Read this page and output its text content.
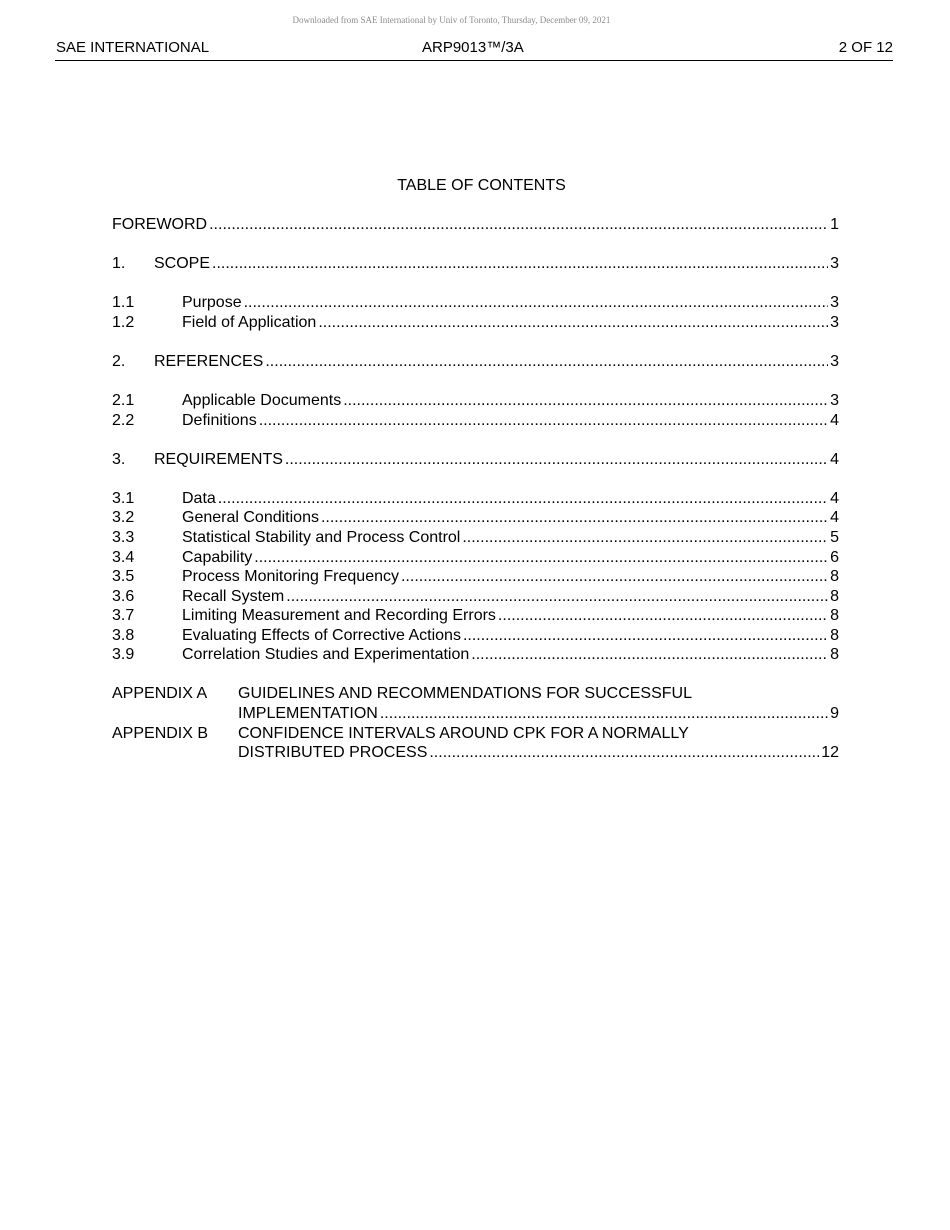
Downloaded from SAE International by Univ of Toronto, Thursday, December 09, 2021
SAE INTERNATIONAL	ARP9013™/3A	2 OF 12
TABLE OF CONTENTS
FOREWORD .....	1
1.	SCOPE .....	3
1.1	Purpose .....	3
1.2	Field of Application .....	3
2.	REFERENCES .....	3
2.1	Applicable Documents .....	3
2.2	Definitions .....	4
3.	REQUIREMENTS .....	4
3.1	Data .....	4
3.2	General Conditions .....	4
3.3	Statistical Stability and Process Control .....	5
3.4	Capability .....	6
3.5	Process Monitoring Frequency .....	8
3.6	Recall System .....	8
3.7	Limiting Measurement and Recording Errors .....	8
3.8	Evaluating Effects of Corrective Actions .....	8
3.9	Correlation Studies and Experimentation .....	8
APPENDIX A	GUIDELINES AND RECOMMENDATIONS FOR SUCCESSFUL
IMPLEMENTATION .....	9
APPENDIX B	CONFIDENCE INTERVALS AROUND CPK FOR A NORMALLY
DISTRIBUTED PROCESS .....	12
